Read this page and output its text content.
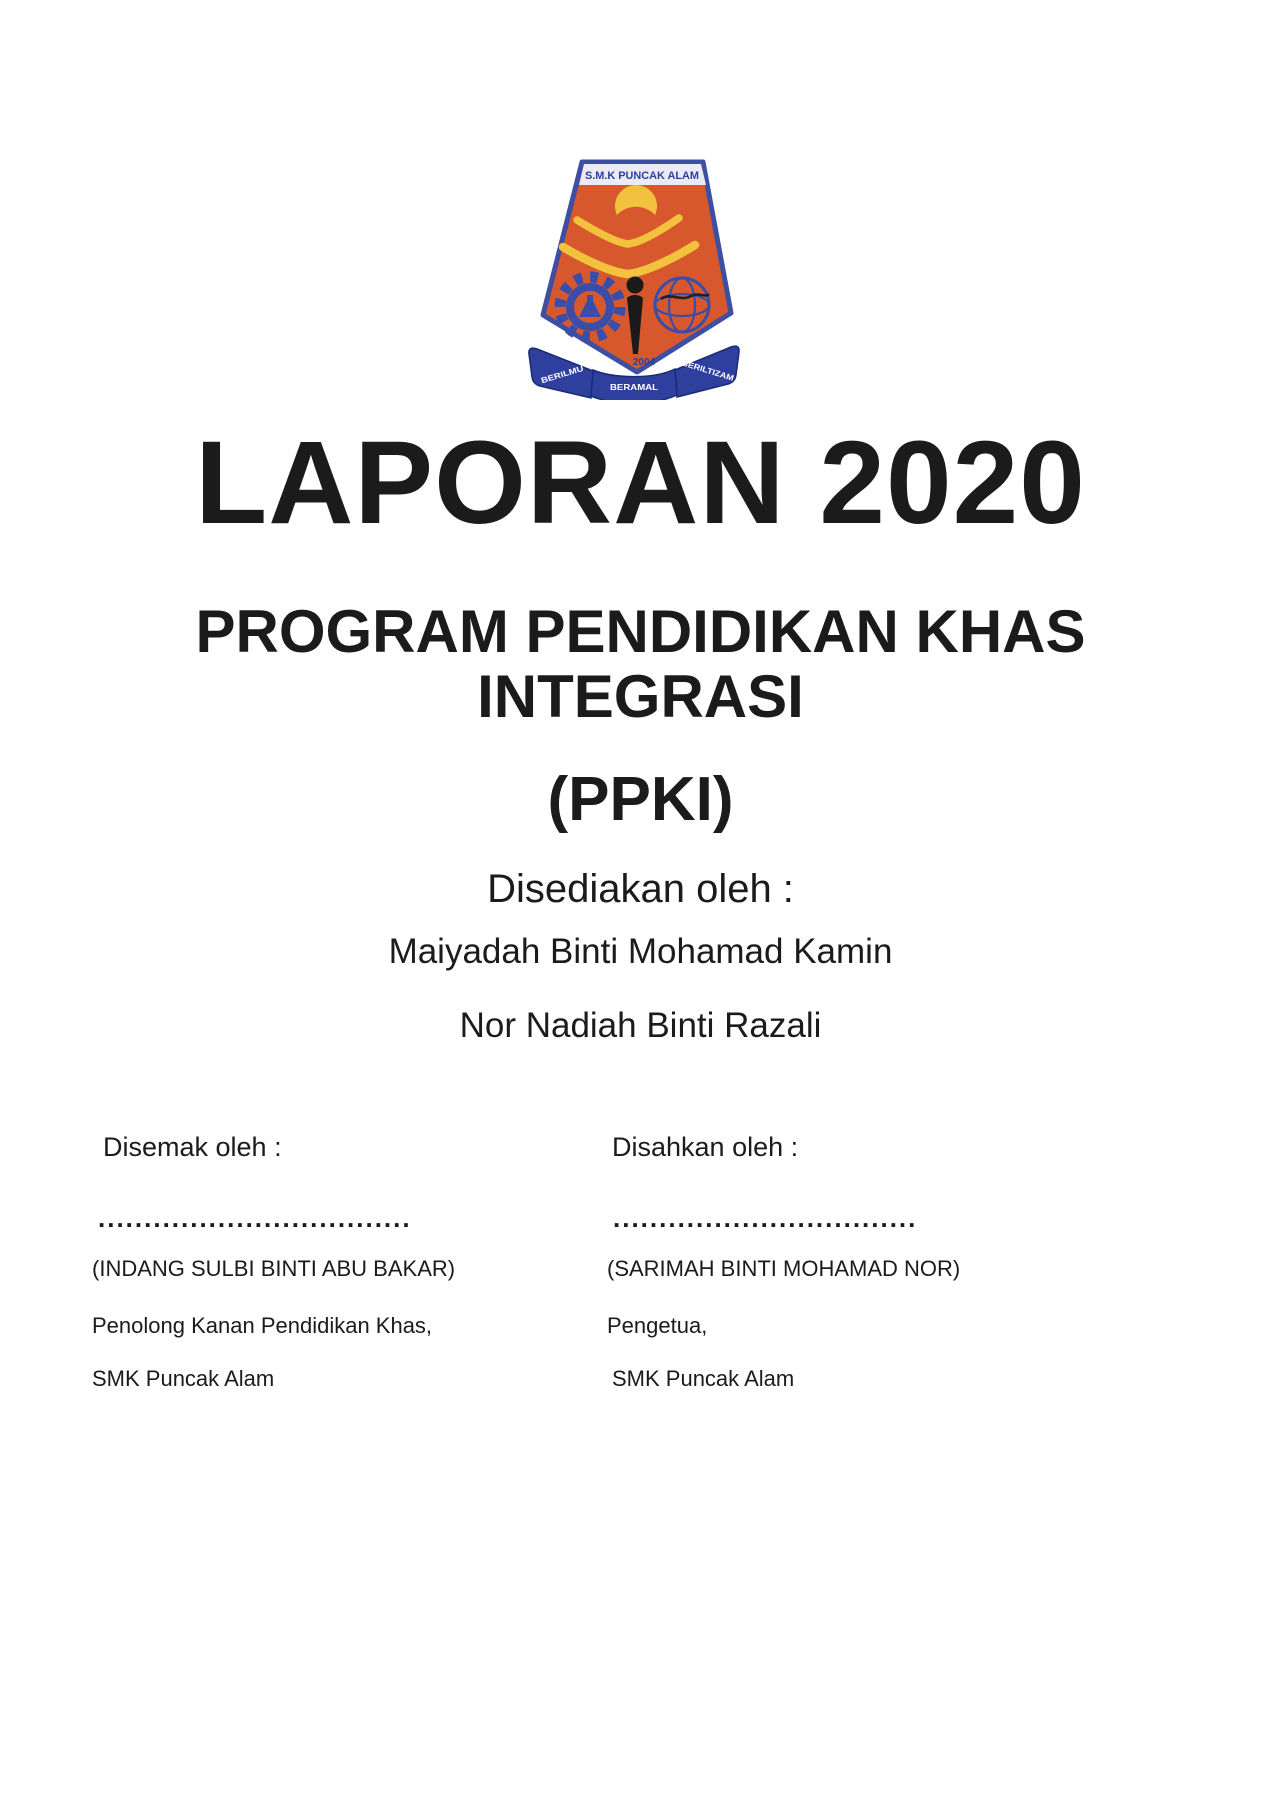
S.M.K PUNCAK ALAM
2004
BERILMU
BERAMAL
BERILTIZAM
LAPORAN 2020
PROGRAM PENDIDIKAN KHAS
INTEGRASI
(PPKI)
Disediakan oleh :
Maiyadah Binti Mohamad Kamin
Nor Nadiah Binti Razali
Disemak oleh :
..................................
(INDANG SULBI BINTI ABU BAKAR)
Penolong Kanan Pendidikan Khas,
SMK Puncak Alam
Disahkan oleh :
.................................
(SARIMAH BINTI MOHAMAD NOR)
Pengetua,
SMK Puncak Alam
